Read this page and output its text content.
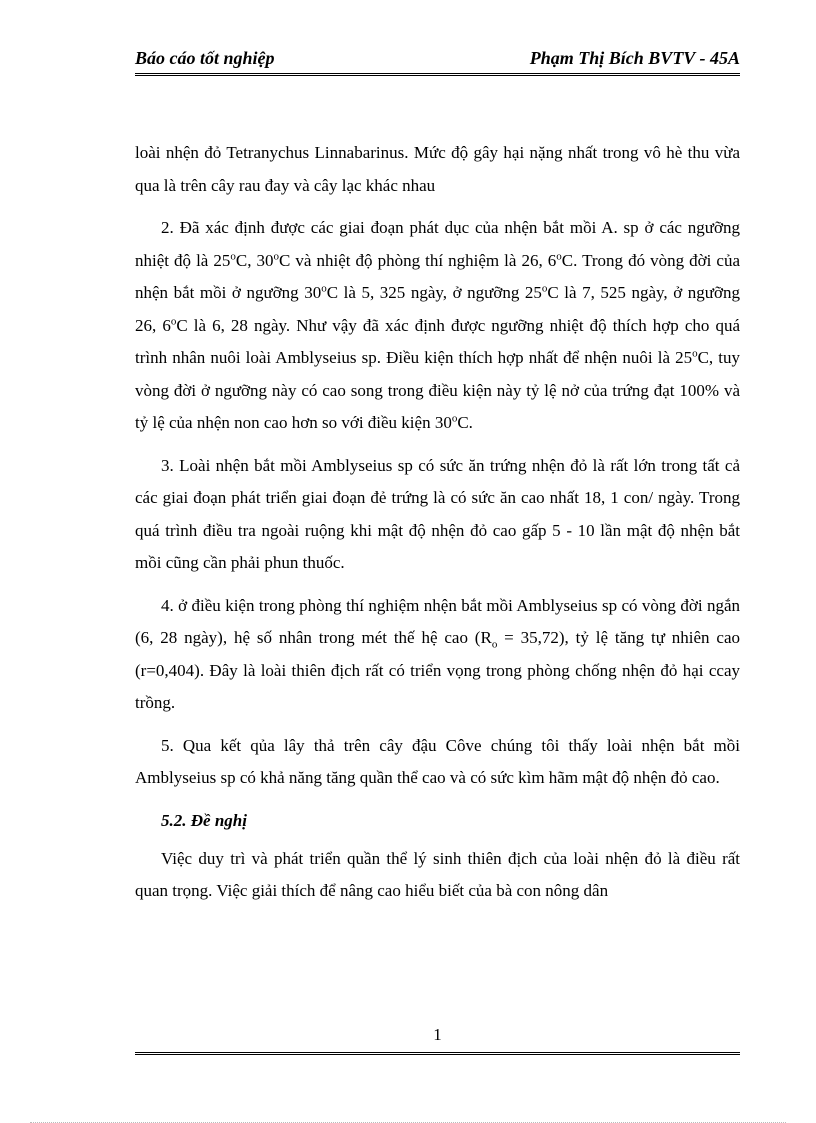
Báo cáo tốt nghiệp	Phạm Thị Bích BVTV - 45A

loài nhện đỏ Tetranychus Linnabarinus. Mức độ gây hại nặng nhất trong vô hè thu vừa qua là trên cây rau đay và cây lạc khác nhau

2. Đã xác định được các giai đoạn phát dục của nhện bắt mồi A. sp ở các ngưỡng nhiệt độ là 25$^o$C, 30$^o$C và nhiệt độ phòng thí nghiệm là 26, 6$^o$C. Trong đó vòng đời của nhện bắt mồi ở ngưỡng 30$^o$C là 5, 325 ngày, ở ngưỡng 25$^o$C là 7, 525 ngày, ở ngưỡng 26, 6$^o$C là 6, 28 ngày. Như vậy đã xác định được ngưỡng nhiệt độ thích hợp cho quá trình nhân nuôi loài Amblyseius sp. Điều kiện thích hợp nhất để nhện nuôi là 25$^o$C, tuy vòng đời ở ngưỡng này có cao song trong điều kiện này tỷ lệ nở của trứng đạt 100% và tỷ lệ của nhện non cao hơn so với điều kiện 30$^o$C.

3. Loài nhện bắt mồi Amblyseius sp có sức ăn trứng nhện đỏ là rất lớn trong tất cả các giai đoạn phát triển giai đoạn đẻ trứng là có sức ăn cao nhất 18, 1 con/ ngày. Trong quá trình điều tra ngoài ruộng khi mật độ nhện đỏ cao gấp 5 - 10 lần mật độ nhện bắt mồi cũng cần phải phun thuốc.

4. ở điều kiện trong phòng thí nghiệm nhện bắt mồi Amblyseius sp có vòng đời ngắn (6, 28 ngày), hệ số nhân trong mét thế hệ cao $(R_o = 35,72)$, tỷ lệ tăng tự nhiên cao (r=0,404). Đây là loài thiên địch rất có triển vọng trong phòng chống nhện đỏ hại ccay trồng.

5. Qua kết qủa lây thả trên cây đậu Côve chúng tôi thấy loài nhện bắt mồi Amblyseius sp có khả năng tăng quần thể cao và có sức kìm hãm mật độ nhện đỏ cao.

5.2. Đề nghị

Việc duy trì và phát triển quần thể lý sinh thiên địch của loài nhện đỏ là điều rất quan trọng. Việc giải thích để nâng cao hiểu biết của bà con nông dân

1
